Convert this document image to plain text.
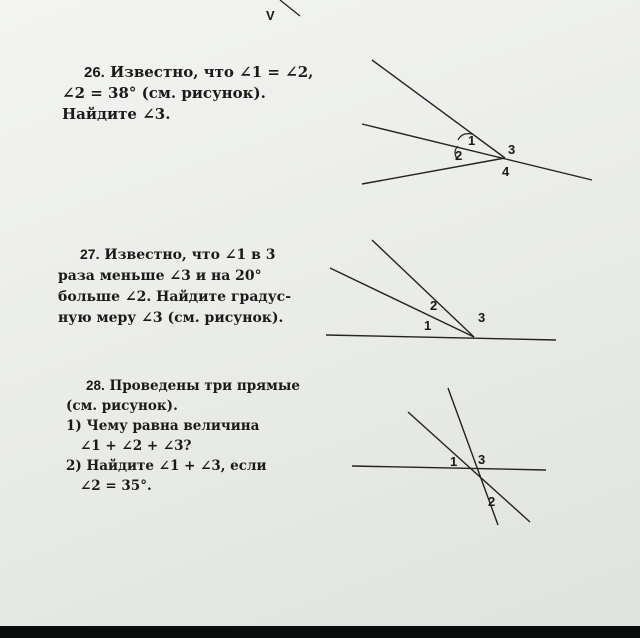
V
1
2	3
4
1
2
3
1 3
2
26. Известно, что ∠1 = ∠2,
∠2 = 38° (см. рисунок).
Найдите ∠3.
27. Известно, что ∠1 в 3
раза меньше ∠3 и на 20°
больше ∠2. Найдите градус-
ную меру ∠3 (см. рисунок).
28. Проведены три прямые
(см. рисунок).
1) Чему равна величина
∠1 + ∠2 + ∠3?
2) Найдите ∠1 + ∠3, если
∠2 = 35°.
